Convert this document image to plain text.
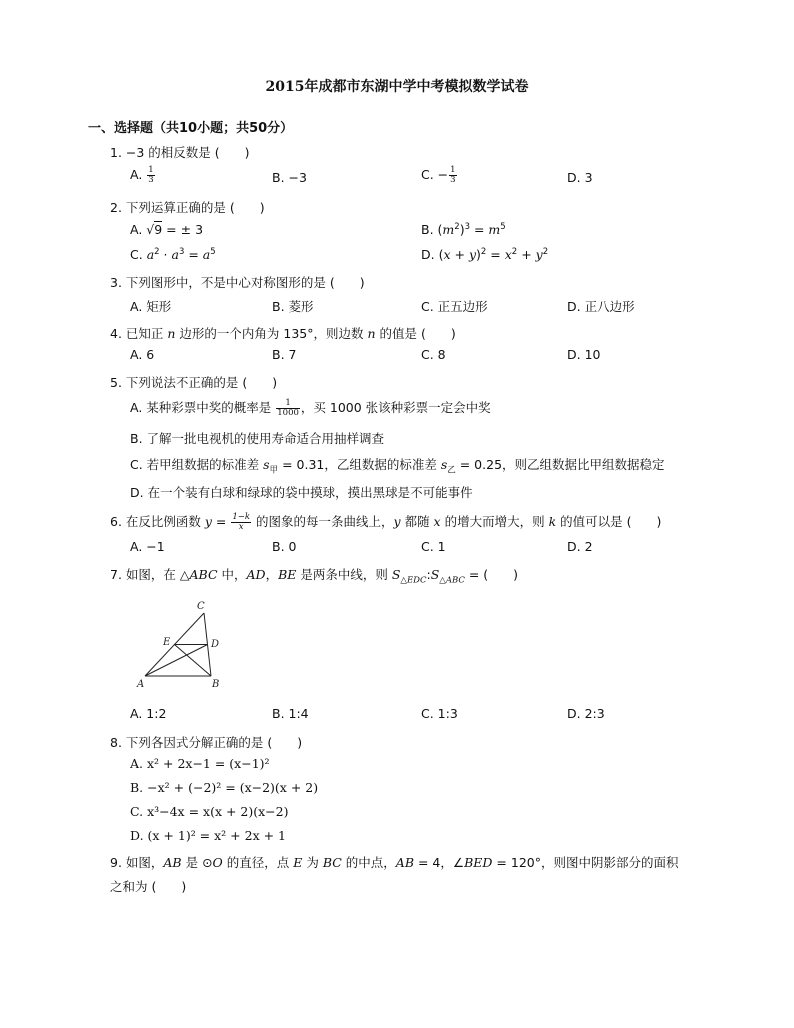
2015年成都市东湖中学中考模拟数学试卷
一、选择题（共10小题；共50分）
1. −3 的相反数是 (　　)
A. $\frac{1}{3}$	B. −3	C. − $\frac{1}{3}$	D. 3
2. 下列运算正确的是 (　　)
A. √9 = ± 3	B. $(m^2)^3 = m^5$
C. $a^2 \cdot a^3 = a^5$	D. $(x + y)^2 = x^2 + y^2$
3. 下列图形中，不是中心对称图形的是 (　　)
A. 矩形	B. 菱形	C. 正五边形	D. 正八边形
4. 已知正 n 边形的一个内角为 135°，则边数 n 的值是 (　　)
A. 6	B. 7	C. 8	D. 10
5. 下列说法不正确的是 (　　)
A. 某种彩票中奖的概率是 $\frac{1}{1000}$ ，买 1000 张该种彩票一定会中奖
B. 了解一批电视机的使用寿命适合用抽样调查
C. 若甲组数据的标准差 $s_甲 = 0.31$，乙组数据的标准差 $s_乙 = 0.25$，则乙组数据比甲组数据稳定
D. 在一个装有白球和绿球的袋中摸球，摸出黑球是不可能事件
6. 在反比例函数 $y = \frac{1-k}{x}$ 的图象的每一条曲线上，y 都随 x 的增大而增大，则 k 的值可以是 (　　)
A. −1	B. 0	C. 1	D. 2
7. 如图，在 △ABC 中，AD，BE 是两条中线，则 $S_{\triangle EDC}:S_{\triangle ABC}$ = (　　)
C
D
E
A	B
A. 1:2	B. 1:4	C. 1:3	D. 2:3
8. 下列各因式分解正确的是 (　　)
A. x² + 2x−1 = (x−1)²
B. −x² + (−2)² = (x−2)(x + 2)
C. x³−4x = x(x + 2)(x−2)
D. (x + 1)² = x² + 2x + 1
9. 如图，AB 是 ⊙O 的直径，点 E 为 BC 的中点，AB = 4，∠BED = 120°，则图中阴影部分的面积
之和为 (　　)
